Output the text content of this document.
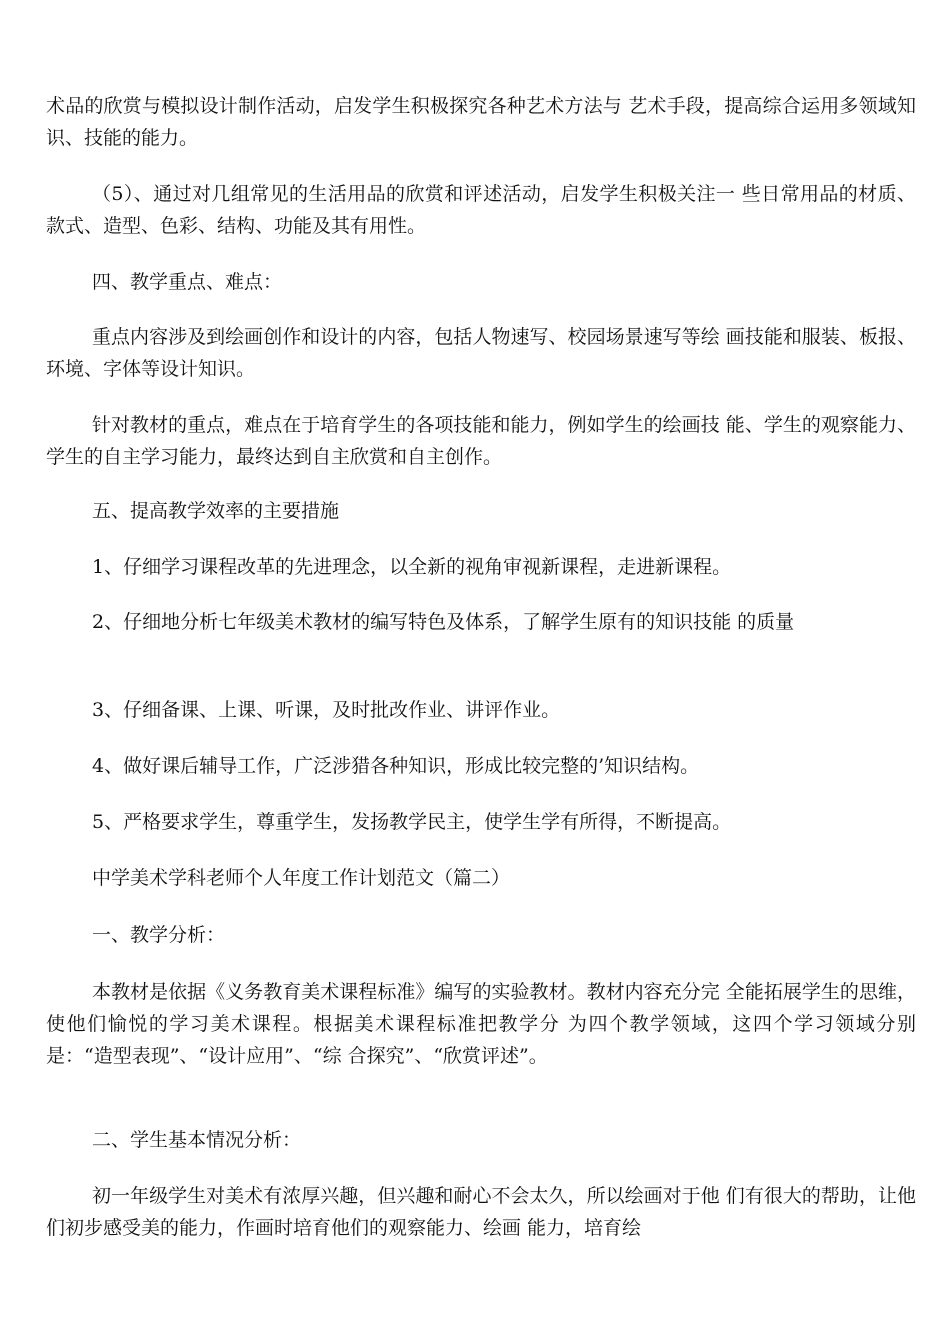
术品的欣赏与模拟设计制作活动，启发学生积极探究各种艺术方法与 艺术手段，提高综合运用多领域知识、技能的能力。

（5）、通过对几组常见的生活用品的欣赏和评述活动，启发学生积极关注一 些日常用品的材质、款式、造型、色彩、结构、功能及其有用性。

四、教学重点、难点：

重点内容涉及到绘画创作和设计的内容，包括人物速写、校园场景速写等绘 画技能和服装、板报、环境、字体等设计知识。

针对教材的重点，难点在于培育学生的各项技能和能力，例如学生的绘画技 能、学生的观察能力、学生的自主学习能力，最终达到自主欣赏和自主创作。

五、提高教学效率的主要措施

1、仔细学习课程改革的先进理念，以全新的视角审视新课程，走进新课程。

2、仔细地分析七年级美术教材的编写特色及体系，了解学生原有的知识技能 的质量

3、仔细备课、上课、听课，及时批改作业、讲评作业。

4、做好课后辅导工作，广泛涉猎各种知识，形成比较完整的’知识结构。

5、严格要求学生，尊重学生，发扬教学民主，使学生学有所得，不断提高。

中学美术学科老师个人年度工作计划范文（篇二）

一、教学分析：

本教材是依据《义务教育美术课程标准》编写的实验教材。教材内容充分完 全能拓展学生的思维，使他们愉悦的学习美术课程。根据美术课程标准把教学分 为四个教学领域，这四个学习领域分别是：“造型表现”、“设计应用”、“综 合探究”、“欣赏评述”。

二、学生基本情况分析：

初一年级学生对美术有浓厚兴趣，但兴趣和耐心不会太久，所以绘画对于他 们有很大的帮助，让他们初步感受美的能力，作画时培育他们的观察能力、绘画 能力，培育绘
